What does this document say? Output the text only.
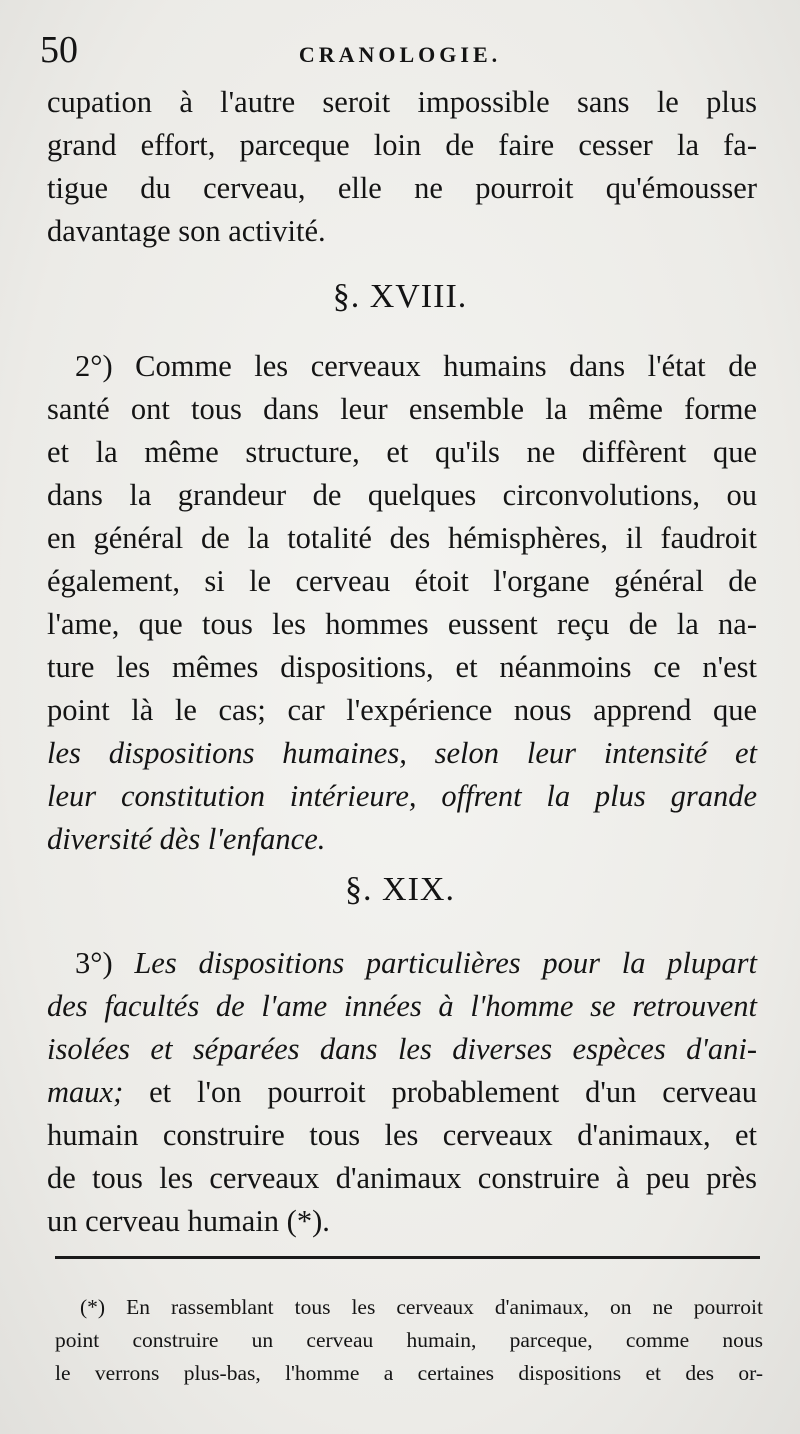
50	CRANOLOGIE.
cupation à l'autre seroit impossible sans le plus
grand effort, parceque loin de faire cesser la fa-
tigue du cerveau, elle ne pourroit qu'émousser
davantage son activité.
§. XVIII.
2°) Comme les cerveaux humains dans l'état de
santé ont tous dans leur ensemble la même forme
et la même structure, et qu'ils ne diffèrent que
dans la grandeur de quelques circonvolutions, ou
en général de la totalité des hémisphères, il faudroit
également, si le cerveau étoit l'organe général de
l'ame, que tous les hommes eussent reçu de la na-
ture les mêmes dispositions, et néanmoins ce n'est
point là le cas; car l'expérience nous apprend que
les dispositions humaines, selon leur intensité et
leur constitution intérieure, offrent la plus grande
diversité dès l'enfance.
§. XIX.
3°) Les dispositions particulières pour la plupart
des facultés de l'ame innées à l'homme se retrouvent
isolées et séparées dans les diverses espèces d'ani-
maux; et l'on pourroit probablement d'un cerveau
humain construire tous les cerveaux d'animaux, et
de tous les cerveaux d'animaux construire à peu près
un cerveau humain (*).
(*) En rassemblant tous les cerveaux d'animaux, on ne pourroit
point construire un cerveau humain, parceque, comme nous
le verrons plus-bas, l'homme a certaines dispositions et des or-
